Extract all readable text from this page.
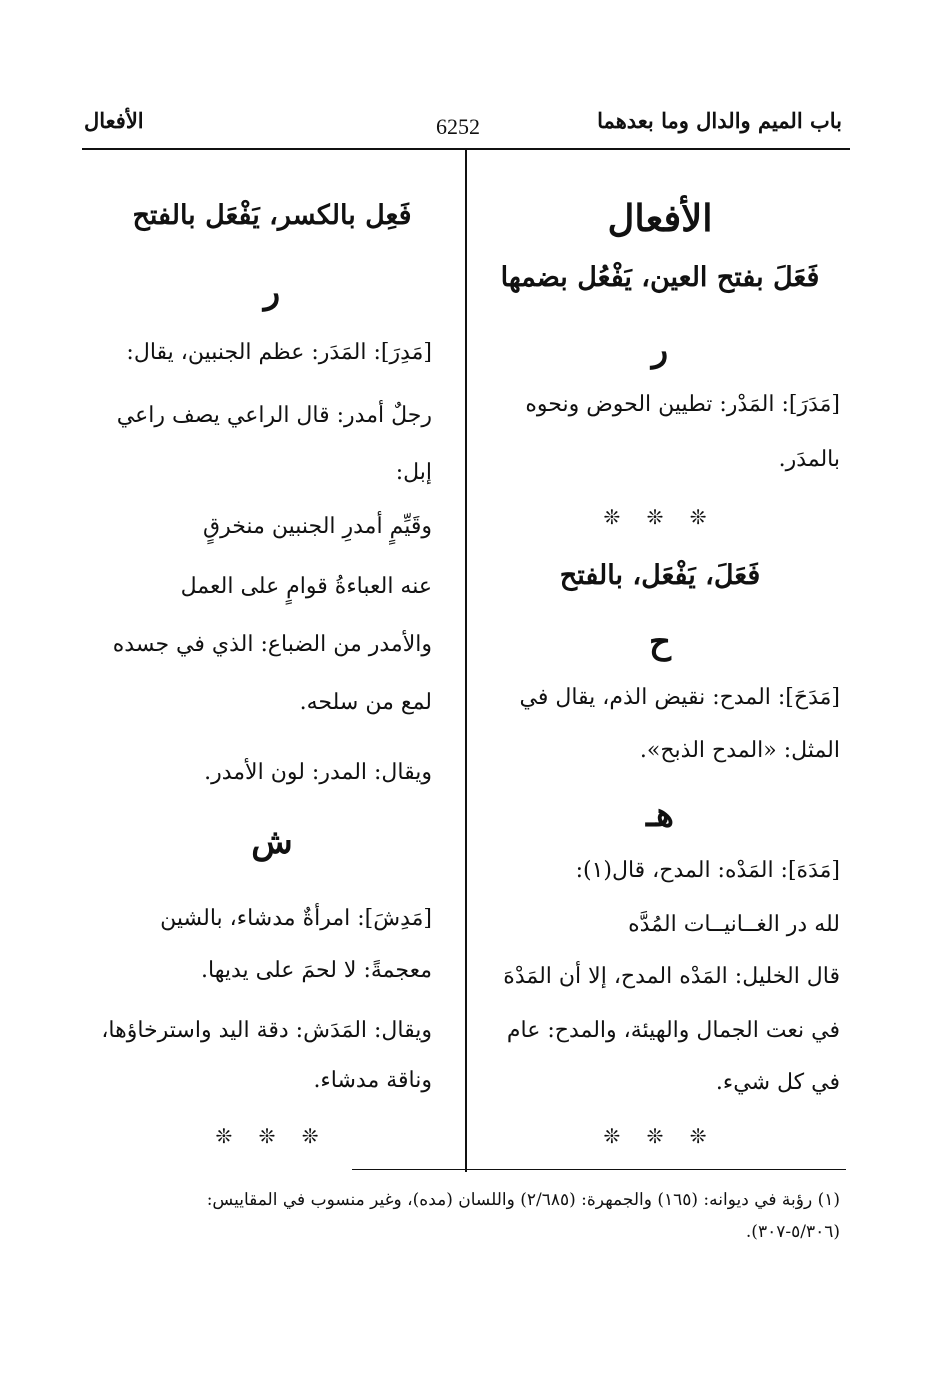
باب الميم والدال وما بعدهما
6252
الأفعال
الأفعال
فَعَلَ بفتح العين، يَفْعُل بضمها
ر
[مَدَرَ]: المَدْر: تطيين الحوض ونحوه
بالمدَر.
❊ ❊ ❊
فَعَلَ، يَفْعَل، بالفتح
ح
[مَدَحَ]: المدح: نقيض الذم، يقال في
المثل: «المدح الذبح».
هـ
[مَدَهَ]: المَدْه: المدح، قال(١):
لله در الغــانيــات المُدَّه
قال الخليل: المَدْه المدح، إلا أن المَدْهَ
في نعت الجمال والهيئة، والمدح: عام
في كل شيء.
❊ ❊ ❊
فَعِل بالكسر، يَفْعَل بالفتح
ر
[مَدِرَ]: المَدَر: عظم الجنبين، يقال:
رجلٌ أمدر: قال الراعي يصف راعي
إبل:
وقَيِّمٍ أمدرِ الجنبين منخرقٍ
عنه العباءةُ قوامٍ على العمل
والأمدر من الضباع: الذي في جسده
لمع من سلحه.
ويقال: المدر: لون الأمدر.
ش
[مَدِشَ]: امرأةٌ مدشاء، بالشين
معجمةً: لا لحمَ على يديها.
ويقال: المَدَش: دقة اليد واسترخاؤها،
وناقة مدشاء.
❊ ❊ ❊
(١) رؤبة في ديوانه: (١٦٥) والجمهرة: (٢/٦٨٥) واللسان (مده)، وغير منسوب في المقاييس:
(٥/٣٠٦-٣٠٧).
